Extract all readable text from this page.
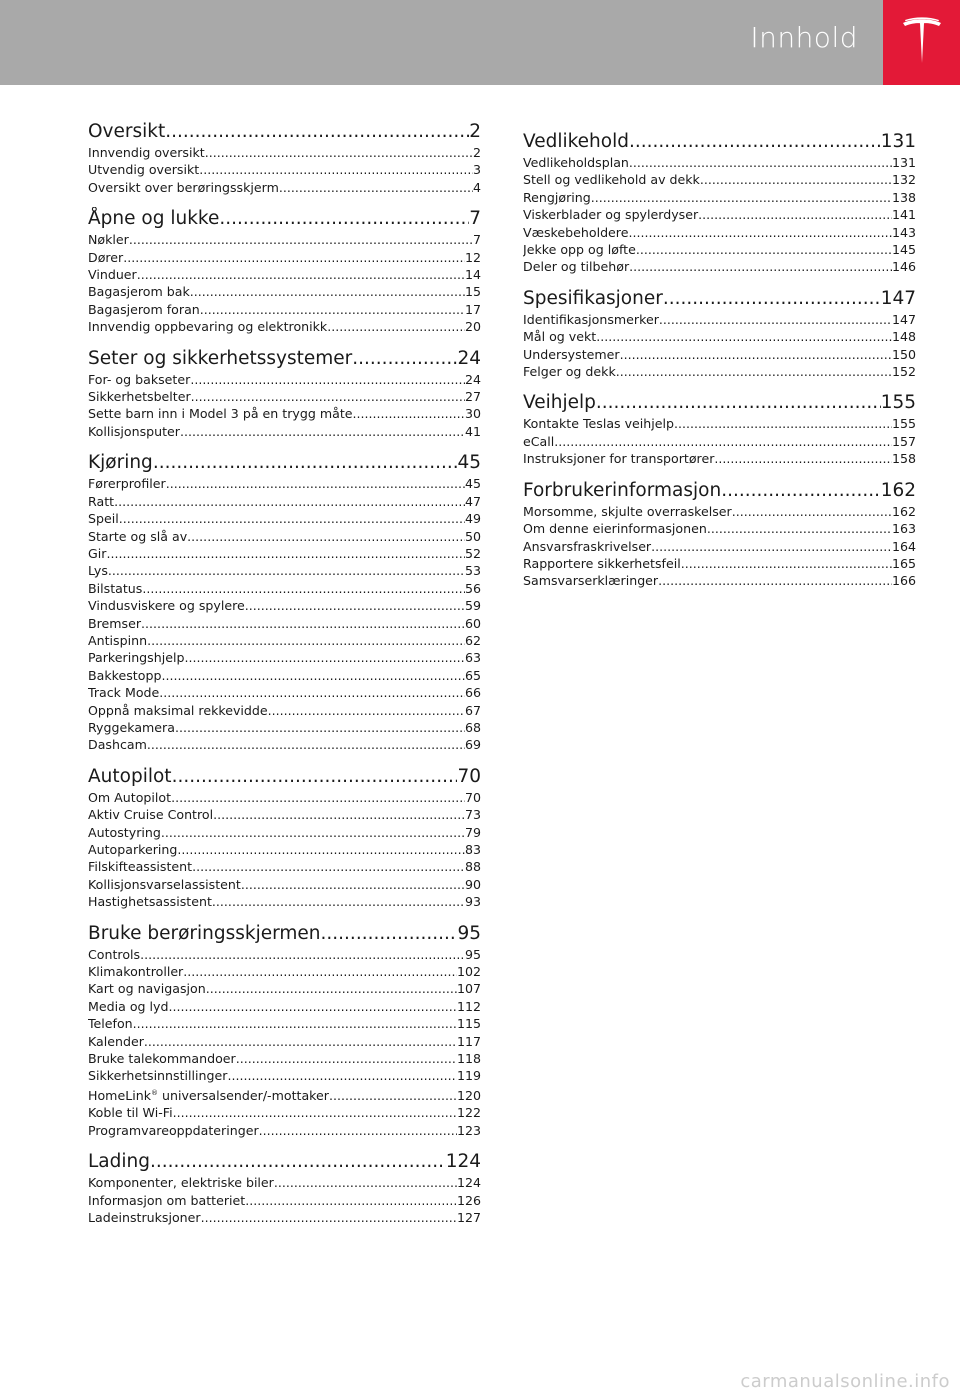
Innhold
Oversikt .....	2
Innvendig oversikt .....	2
Utvendig oversikt .....	3
Oversikt over berøringsskjerm .....	4
Åpne og lukke .....	7
Nøkler .....	7
Dører .....	12
Vinduer .....	14
Bagasjerom bak .....	15
Bagasjerom foran .....	17
Innvendig oppbevaring og elektronikk .....	20
Seter og sikkerhetssystemer .....	24
For- og bakseter .....	24
Sikkerhetsbelter .....	27
Sette barn inn i Model 3 på en trygg måte .....	30
Kollisjonsputer .....	41
Kjøring .....	45
Førerprofiler .....	45
Ratt .....	47
Speil .....	49
Starte og slå av .....	50
Gir .....	52
Lys .....	53
Bilstatus .....	56
Vindusviskere og spylere .....	59
Bremser .....	60
Antispinn .....	62
Parkeringshjelp .....	63
Bakkestopp .....	65
Track Mode .....	66
Oppnå maksimal rekkevidde .....	67
Ryggekamera .....	68
Dashcam .....	69
Autopilot .....	70
Om Autopilot .....	70
Aktiv Cruise Control .....	73
Autostyring .....	79
Autoparkering .....	83
Filskifteassistent .....	88
Kollisjonsvarselassistent .....	90
Hastighetsassistent .....	93
Bruke berøringsskjermen .....	95
Controls .....	95
Klimakontroller .....	102
Kart og navigasjon .....	107
Media og lyd .....	112
Telefon .....	115
Kalender .....	117
Bruke talekommandoer .....	118
Sikkerhetsinnstillinger .....	119
HomeLink® universalsender/-mottaker .....	120
Koble til Wi-Fi .....	122
Programvareoppdateringer .....	123
Lading .....	124
Komponenter, elektriske biler .....	124
Informasjon om batteriet .....	126
Ladeinstruksjoner .....	127
Vedlikehold .....	131
Vedlikeholdsplan .....	131
Stell og vedlikehold av dekk .....	132
Rengjøring .....	138
Viskerblader og spylerdyser .....	141
Væskebeholdere .....	143
Jekke opp og løfte .....	145
Deler og tilbehør .....	146
Spesifikasjoner .....	147
Identifikasjonsmerker .....	147
Mål og vekt .....	148
Undersystemer .....	150
Felger og dekk .....	152
Veihjelp .....	155
Kontakte Teslas veihjelp .....	155
eCall .....	157
Instruksjoner for transportører .....	158
Forbrukerinformasjon .....	162
Morsomme, skjulte overraskelser .....	162
Om denne eierinformasjonen .....	163
Ansvarsfraskrivelser .....	164
Rapportere sikkerhetsfeil .....	165
Samsvarserklæringer .....	166
carmanualsonline.info
